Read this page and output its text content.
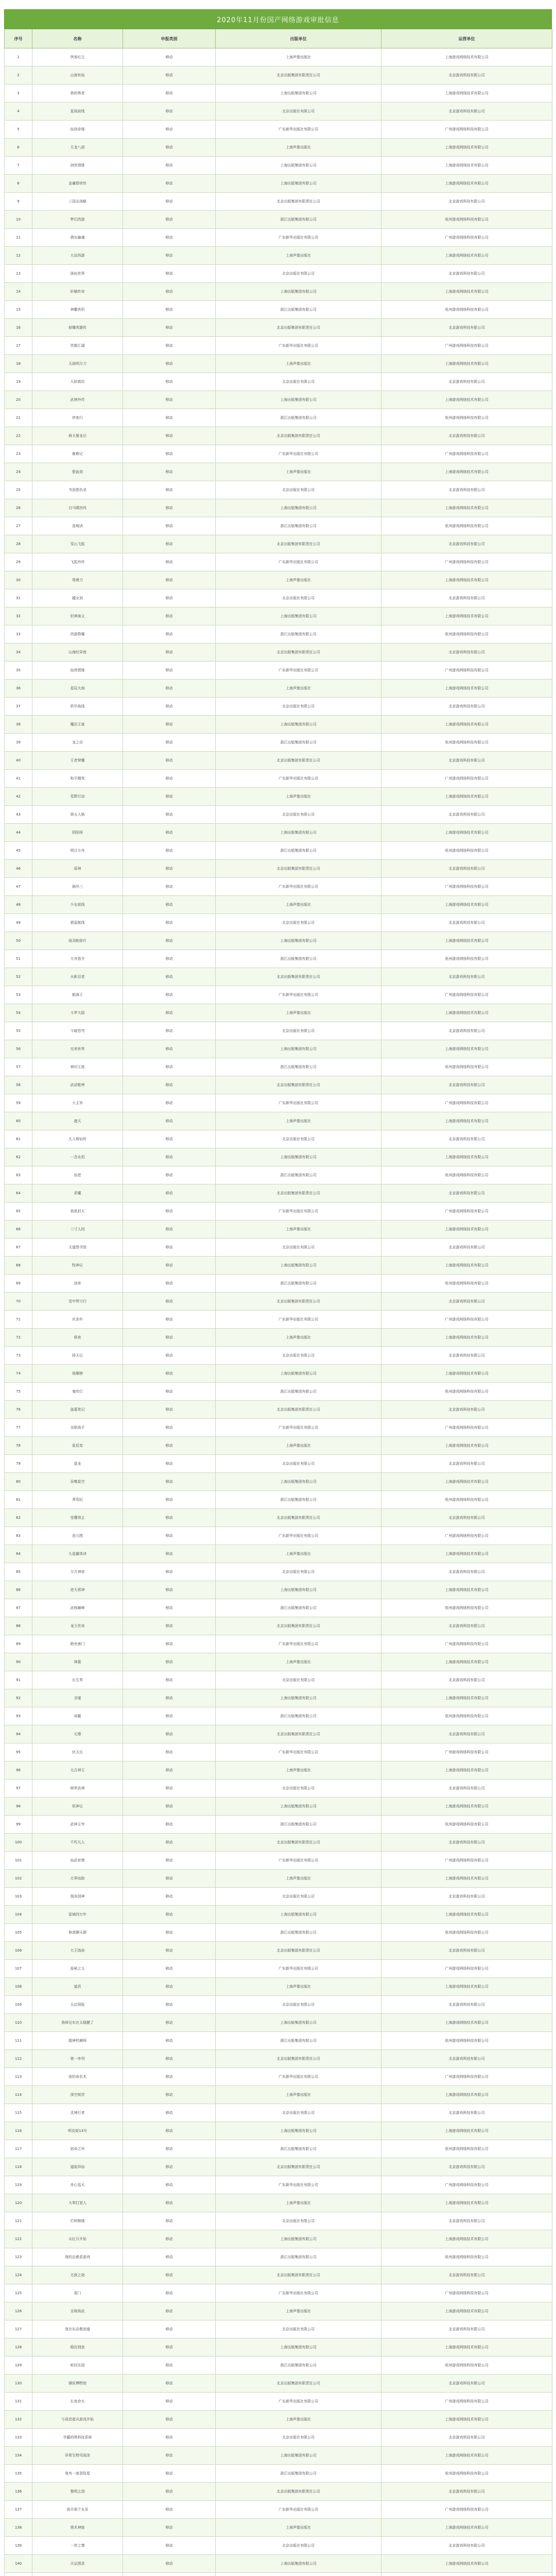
2020年11月份国产网络游戏审批信息
序号	名称	申报类别	出版单位	运营单位
1	侠客红尘	移动	上海声像出版社	上海游戏网络技术有限公司
2	山海有仙	移动	北京出版集团有限责任公司	北京游戏科技有限公司
3	我的勇者	移动	上海出版集团有限公司	上海游戏网络技术有限公司
4	星战前线	移动	北京出版社有限公司	北京游戏科技有限公司
5	仙剑奇缘	移动	广东新华出版社有限公司	广州游戏网络科技有限公司
6	天龙八部	移动	上海声像出版社	上海游戏网络技术有限公司
7	剑侠情缘	移动	上海出版集团有限公司	上海游戏网络技术有限公司
8	金庸群侠传	移动	上海出版集团有限公司	上海游戏网络技术有限公司
9	三国志战略	移动	北京出版集团有限责任公司	北京游戏科技有限公司
10	梦幻西游	移动	浙江出版集团有限公司	杭州游戏网络科技有限公司
11	倩女幽魂	移动	广东新华出版社有限公司	广州游戏网络科技有限公司
12	大话西游	移动	上海声像出版社	上海游戏网络技术有限公司
13	诛仙世界	移动	北京出版社有限公司	北京游戏科技有限公司
14	轩辕传奇	移动	上海出版集团有限公司	上海游戏网络技术有限公司
15	神雕侠侣	移动	浙江出版集团有限公司	杭州游戏网络科技有限公司
16	射雕英雄传	移动	北京出版集团有限责任公司	北京游戏科技有限公司
17	笑傲江湖	移动	广东新华出版社有限公司	广州游戏网络科技有限公司
18	天涯明月刀	移动	上海声像出版社	上海游戏网络技术有限公司
19	九阴真经	移动	北京出版社有限公司	北京游戏科技有限公司
20	武林外传	移动	上海出版集团有限公司	上海游戏网络技术有限公司
21	侠客行	移动	浙江出版集团有限公司	杭州游戏网络科技有限公司
22	倚天屠龙记	移动	北京出版集团有限责任公司	北京游戏科技有限公司
23	鹿鼎记	移动	广东新华出版社有限公司	广州游戏网络科技有限公司
24	碧血剑	移动	上海声像出版社	上海游戏网络技术有限公司
25	书剑恩仇录	移动	北京出版社有限公司	北京游戏科技有限公司
26	白马啸西风	移动	上海出版集团有限公司	上海游戏网络技术有限公司
27	连城诀	移动	浙江出版集团有限公司	杭州游戏网络科技有限公司
28	雪山飞狐	移动	北京出版集团有限责任公司	北京游戏科技有限公司
29	飞狐外传	移动	广东新华出版社有限公司	广州游戏网络科技有限公司
30	鸳鸯刀	移动	上海声像出版社	上海游戏网络技术有限公司
31	越女剑	移动	北京出版社有限公司	北京游戏科技有限公司
32	封神演义	移动	上海出版集团有限公司	上海游戏网络技术有限公司
33	西游降魔	移动	浙江出版集团有限公司	杭州游戏网络科技有限公司
34	山海经异兽	移动	北京出版集团有限责任公司	北京游戏科技有限公司
35	仙侠情缘	移动	广东新华出版社有限公司	广州游戏网络科技有限公司
36	星辰大海	移动	上海声像出版社	上海游戏网络技术有限公司
37	机甲战线	移动	北京出版社有限公司	北京游戏科技有限公司
38	魔法王座	移动	上海出版集团有限公司	上海游戏网络技术有限公司
39	龙之谷	移动	浙江出版集团有限公司	杭州游戏网络科技有限公司
40	王者荣耀	移动	北京出版集团有限责任公司	北京游戏科技有限公司
41	和平精英	移动	广东新华出版社有限公司	广州游戏网络科技有限公司
42	荒野行动	移动	上海声像出版社	上海游戏网络技术有限公司
43	第五人格	移动	北京出版社有限公司	北京游戏科技有限公司
44	阴阳师	移动	上海出版集团有限公司	上海游戏网络技术有限公司
45	明日方舟	移动	浙江出版集团有限公司	杭州游戏网络科技有限公司
46	原神	移动	北京出版集团有限责任公司	北京游戏科技有限公司
47	崩坏三	移动	广东新华出版社有限公司	广州游戏网络科技有限公司
48	少女前线	移动	上海声像出版社	上海游戏网络技术有限公司
49	碧蓝航线	移动	北京出版社有限公司	北京游戏科技有限公司
50	战双帕弥什	移动	上海出版集团有限公司	上海游戏网络技术有限公司
51	方舟指令	移动	浙江出版集团有限公司	杭州游戏网络科技有限公司
52	火影忍者	移动	北京出版集团有限责任公司	北京游戏科技有限公司
53	航海王	移动	广东新华出版社有限公司	广州游戏网络科技有限公司
54	斗罗大陆	移动	上海声像出版社	上海游戏网络技术有限公司
55	斗破苍穹	移动	北京出版社有限公司	北京游戏科技有限公司
56	完美世界	移动	上海出版集团有限公司	上海游戏网络技术有限公司
57	神印王座	移动	浙江出版集团有限公司	杭州游戏网络科技有限公司
58	武动乾坤	移动	北京出版集团有限责任公司	北京游戏科技有限公司
59	大主宰	移动	广东新华出版社有限公司	广州游戏网络科技有限公司
60	遮天	移动	上海声像出版社	上海游戏网络技术有限公司
61	凡人修仙传	移动	北京出版社有限公司	北京游戏科技有限公司
62	一念永恒	移动	上海出版集团有限公司	上海游戏网络技术有限公司
63	仙逆	移动	浙江出版集团有限公司	杭州游戏网络科技有限公司
64	求魔	移动	北京出版集团有限责任公司	北京游戏科技有限公司
65	我欲封天	移动	广东新华出版社有限公司	广州游戏网络科技有限公司
66	三寸人间	移动	上海声像出版社	上海游戏网络技术有限公司
67	天道图书馆	移动	北京出版社有限公司	北京游戏科技有限公司
68	牧神记	移动	上海出版集团有限公司	上海游戏网络技术有限公司
69	剑来	移动	浙江出版集团有限公司	杭州游戏网络科技有限公司
70	雪中悍刀行	移动	北京出版集团有限责任公司	北京游戏科技有限公司
71	庆余年	移动	广东新华出版社有限公司	广州游戏网络科技有限公司
72	将夜	移动	上海声像出版社	上海游戏网络技术有限公司
73	择天记	移动	北京出版社有限公司	北京游戏科技有限公司
74	琅琊榜	移动	上海出版集团有限公司	上海游戏网络技术有限公司
75	鬼吹灯	移动	浙江出版集团有限公司	杭州游戏网络科技有限公司
76	盗墓笔记	移动	北京出版集团有限责任公司	北京游戏科技有限公司
77	全职高手	移动	广东新华出版社有限公司	广州游戏网络科技有限公司
78	星辰变	移动	上海声像出版社	上海游戏网络技术有限公司
79	盘龙	移动	北京出版社有限公司	北京游戏科技有限公司
80	吞噬星空	移动	上海出版集团有限公司	上海游戏网络技术有限公司
81	莽荒纪	移动	浙江出版集团有限公司	杭州游戏网络科技有限公司
82	雪鹰领主	移动	北京出版集团有限责任公司	北京游戏科技有限公司
83	沧元图	移动	广东新华出版社有限公司	广州游戏网络科技有限公司
84	九星霸体诀	移动	上海声像出版社	上海游戏网络技术有限公司
85	万古神帝	移动	北京出版社有限公司	北京游戏科技有限公司
86	逆天邪神	移动	上海出版集团有限公司	上海游戏网络技术有限公司
87	武炼巅峰	移动	浙江出版集团有限公司	杭州游戏网络科技有限公司
88	龙王传说	移动	北京出版集团有限责任公司	北京游戏科技有限公司
89	绝世唐门	移动	广东新华出版社有限公司	广州游戏网络科技有限公司
90	神墓	移动	上海声像出版社	上海游戏网络技术有限公司
91	长生界	移动	北京出版社有限公司	北京游戏科技有限公司
92	圣墟	移动	上海出版集团有限公司	上海游戏网络技术有限公司
93	帝霸	移动	浙江出版集团有限公司	杭州游戏网络科技有限公司
94	元尊	移动	北京出版集团有限责任公司	北京游戏科技有限公司
95	伏天氏	移动	广东新华出版社有限公司	广州游戏网络科技有限公司
96	太古神王	移动	上海声像出版社	上海游戏网络技术有限公司
97	修罗武神	移动	北京出版社有限公司	北京游戏科技有限公司
98	妖神记	移动	上海出版集团有限公司	上海游戏网络技术有限公司
99	武神主宰	移动	浙江出版集团有限公司	杭州游戏网络科技有限公司
100	不朽凡人	移动	北京出版集团有限责任公司	北京游戏科技有限公司
101	仙武帝尊	移动	广东新华出版社有限公司	广州游戏网络科技有限公司
102	万界仙踪	移动	上海声像出版社	上海游戏网络技术有限公司
103	混沌剑神	移动	北京出版社有限公司	北京游戏科技有限公司
104	星域四万年	移动	上海出版集团有限公司	上海游戏网络技术有限公司
105	修真聊天群	移动	浙江出版集团有限公司	杭州游戏网络科技有限公司
106	大王饶命	移动	北京出版集团有限责任公司	北京游戏科技有限公司
107	诡秘之主	移动	广东新华出版社有限公司	广州游戏网络科技有限公司
108	道君	移动	上海声像出版社	上海游戏网络技术有限公司
109	天启预报	移动	北京出版社有限公司	北京游戏科技有限公司
110	我师兄实在太稳健了	移动	上海出版集团有限公司	上海游戏网络技术有限公司
111	超神机械师	移动	浙江出版集团有限公司	杭州游戏网络科技有限公司
112	第一序列	移动	北京出版集团有限责任公司	北京游戏科技有限公司
113	夜的命名术	移动	广东新华出版社有限公司	广州游戏网络科技有限公司
114	深空彼岸	移动	上海声像出版社	上海游戏网络技术有限公司
115	灵境行者	移动	北京出版社有限公司	北京游戏科技有限公司
116	明克街13号	移动	上海出版集团有限公司	上海游戏网络技术有限公司
117	宿命之环	移动	浙江出版集团有限公司	杭州游戏网络科技有限公司
118	道诡异仙	移动	北京出版集团有限责任公司	北京游戏科技有限公司
119	赤心巡天	移动	广东新华出版社有限公司	广州游戏网络科技有限公司
120	大奉打更人	移动	上海声像出版社	上海游戏网络技术有限公司
121	烂柯棋缘	移动	北京出版社有限公司	北京游戏科技有限公司
122	从红月开始	移动	上海出版集团有限公司	上海游戏网络技术有限公司
123	我的治愈系游戏	移动	浙江出版集团有限公司	杭州游戏网络科技有限公司
124	万族之劫	移动	北京出版集团有限责任公司	北京游戏科技有限公司
125	星门	移动	广东新华出版社有限公司	广州游戏网络科技有限公司
126	全球高武	移动	上海声像出版社	上海游戏网络技术有限公司
127	我在东京教剑道	移动	北京出版社有限公司	北京游戏科技有限公司
128	稳住别浪	移动	上海出版集团有限公司	上海游戏网络技术有限公司
129	轮回乐园	移动	浙江出版集团有限公司	杭州游戏网络科技有限公司
130	镇妖博物馆	移动	北京出版集团有限责任公司	北京游戏科技有限公司
131	长夜余火	移动	广东新华出版社有限公司	广州游戏网络科技有限公司
132	亏成首富从游戏开始	移动	上海声像出版社	上海游戏网络技术有限公司
133	学霸的黑科技系统	移动	北京出版社有限公司	北京游戏科技有限公司
134	异常生物见闻录	移动	上海出版集团有限公司	上海游戏网络技术有限公司
135	我有一座冒险屋	移动	浙江出版集团有限公司	杭州游戏网络科技有限公司
136	黎明之剑	移动	北京出版集团有限责任公司	北京游戏科技有限公司
137	放开那个女巫	移动	广东新华出版社有限公司	广州游戏网络科技有限公司
138	奥术神座	移动	上海声像出版社	上海游戏网络技术有限公司
139	一世之尊	移动	北京出版社有限公司	北京游戏科技有限公司
140	灭运图录	移动	上海出版集团有限公司	上海游戏网络技术有限公司
